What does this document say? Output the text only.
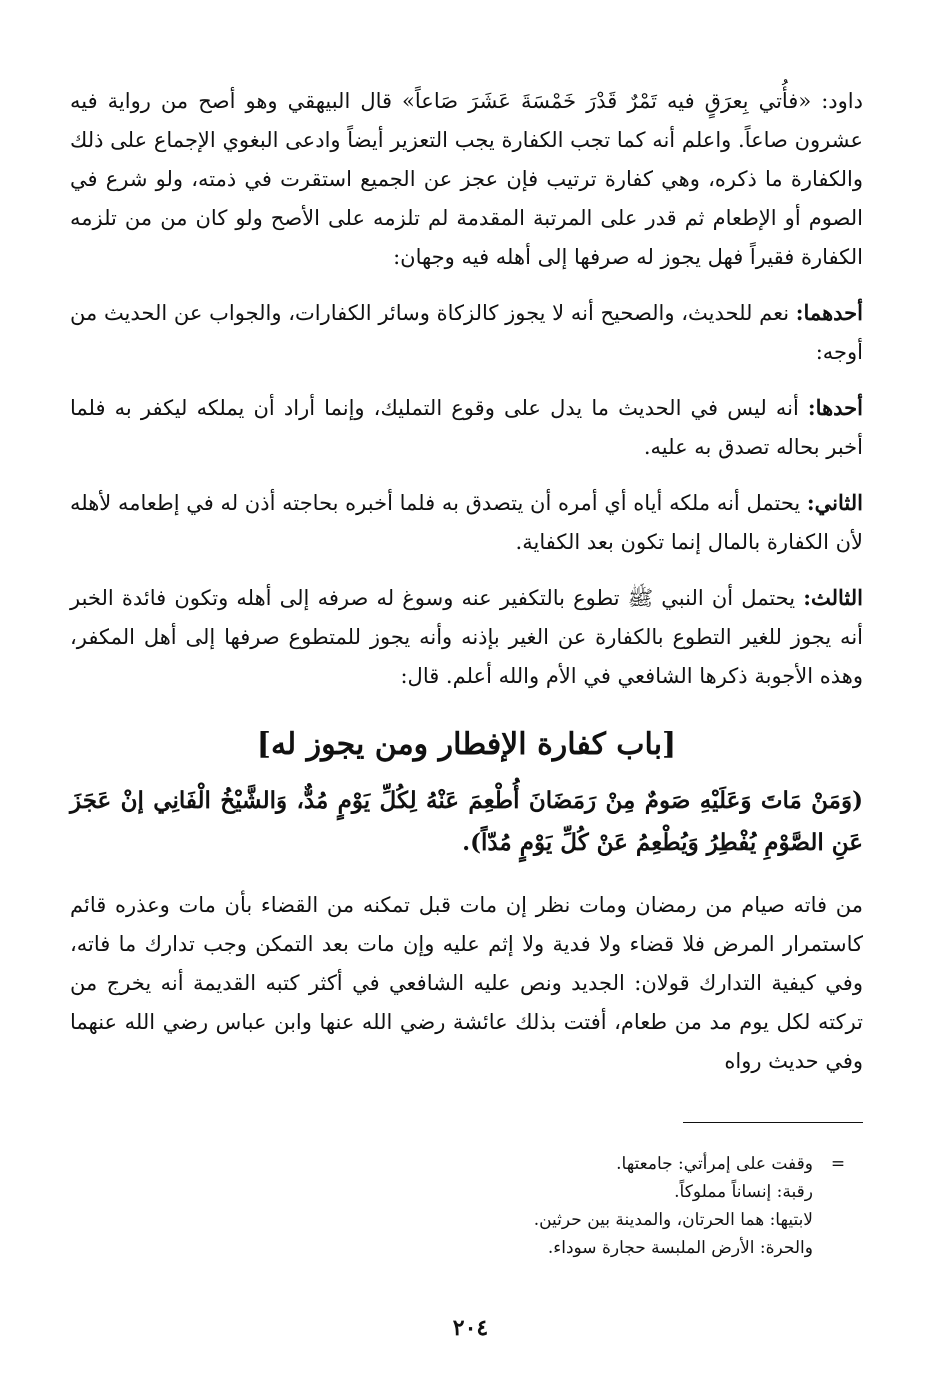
داود: «فأُتي بِعرَقٍ فيه تَمْرٌ قَدْرَ خَمْسَةَ عَشَرَ صَاعاً» قال البيهقي وهو أصح من رواية فيه عشرون صاعاً. واعلم أنه كما تجب الكفارة يجب التعزير أيضاً وادعى البغوي الإجماع على ذلك والكفارة ما ذكره، وهي كفارة ترتيب فإن عجز عن الجميع استقرت في ذمته، ولو شرع في الصوم أو الإطعام ثم قدر على المرتبة المقدمة لم تلزمه على الأصح ولو كان من من تلزمه الكفارة فقيراً فهل يجوز له صرفها إلى أهله فيه وجهان:

أحدهما: نعم للحديث، والصحيح أنه لا يجوز كالزكاة وسائر الكفارات، والجواب عن الحديث من أوجه:

أحدها: أنه ليس في الحديث ما يدل على وقوع التمليك، وإنما أراد أن يملكه ليكفر به فلما أخبر بحاله تصدق به عليه.

الثاني: يحتمل أنه ملكه أياه أي أمره أن يتصدق به فلما أخبره بحاجته أذن له في إطعامه لأهله لأن الكفارة بالمال إنما تكون بعد الكفاية.

الثالث: يحتمل أن النبي ﷺ تطوع بالتكفير عنه وسوغ له صرفه إلى أهله وتكون فائدة الخبر أنه يجوز للغير التطوع بالكفارة عن الغير بإذنه وأنه يجوز للمتطوع صرفها إلى أهل المكفر، وهذه الأجوبة ذكرها الشافعي في الأم والله أعلم. قال:

[باب كفارة الإفطار ومن يجوز له]

(وَمَنْ مَاتَ وَعَلَيْهِ صَومٌ مِنْ رَمَضَانَ أُطْعِمَ عَنْهُ لِكُلِّ يَوْمٍ مُدٌّ، وَالشَّيْخُ الْفَانِي إنْ عَجَزَ عَنِ الصَّوْمِ يُفْطِرُ وَيُطْعِمُ عَنْ كُلِّ يَوْمٍ مُدّاً).

من فاته صيام من رمضان ومات نظر إن مات قبل تمكنه من القضاء بأن مات وعذره قائم كاستمرار المرض فلا قضاء ولا فدية ولا إثم عليه وإن مات بعد التمكن وجب تدارك ما فاته، وفي كيفية التدارك قولان: الجديد ونص عليه الشافعي في أكثر كتبه القديمة أنه يخرج من تركته لكل يوم مد من طعام، أفتت بذلك عائشة رضي الله عنها وابن عباس رضي الله عنهما وفي حديث رواه

=
وقفت على إمرأتي: جامعتها.
رقبة: إنساناً مملوكاً.
لابتيها: هما الحرتان، والمدينة بين حرثين.
والحرة: الأرض الملبسة حجارة سوداء.
٢٠٤
